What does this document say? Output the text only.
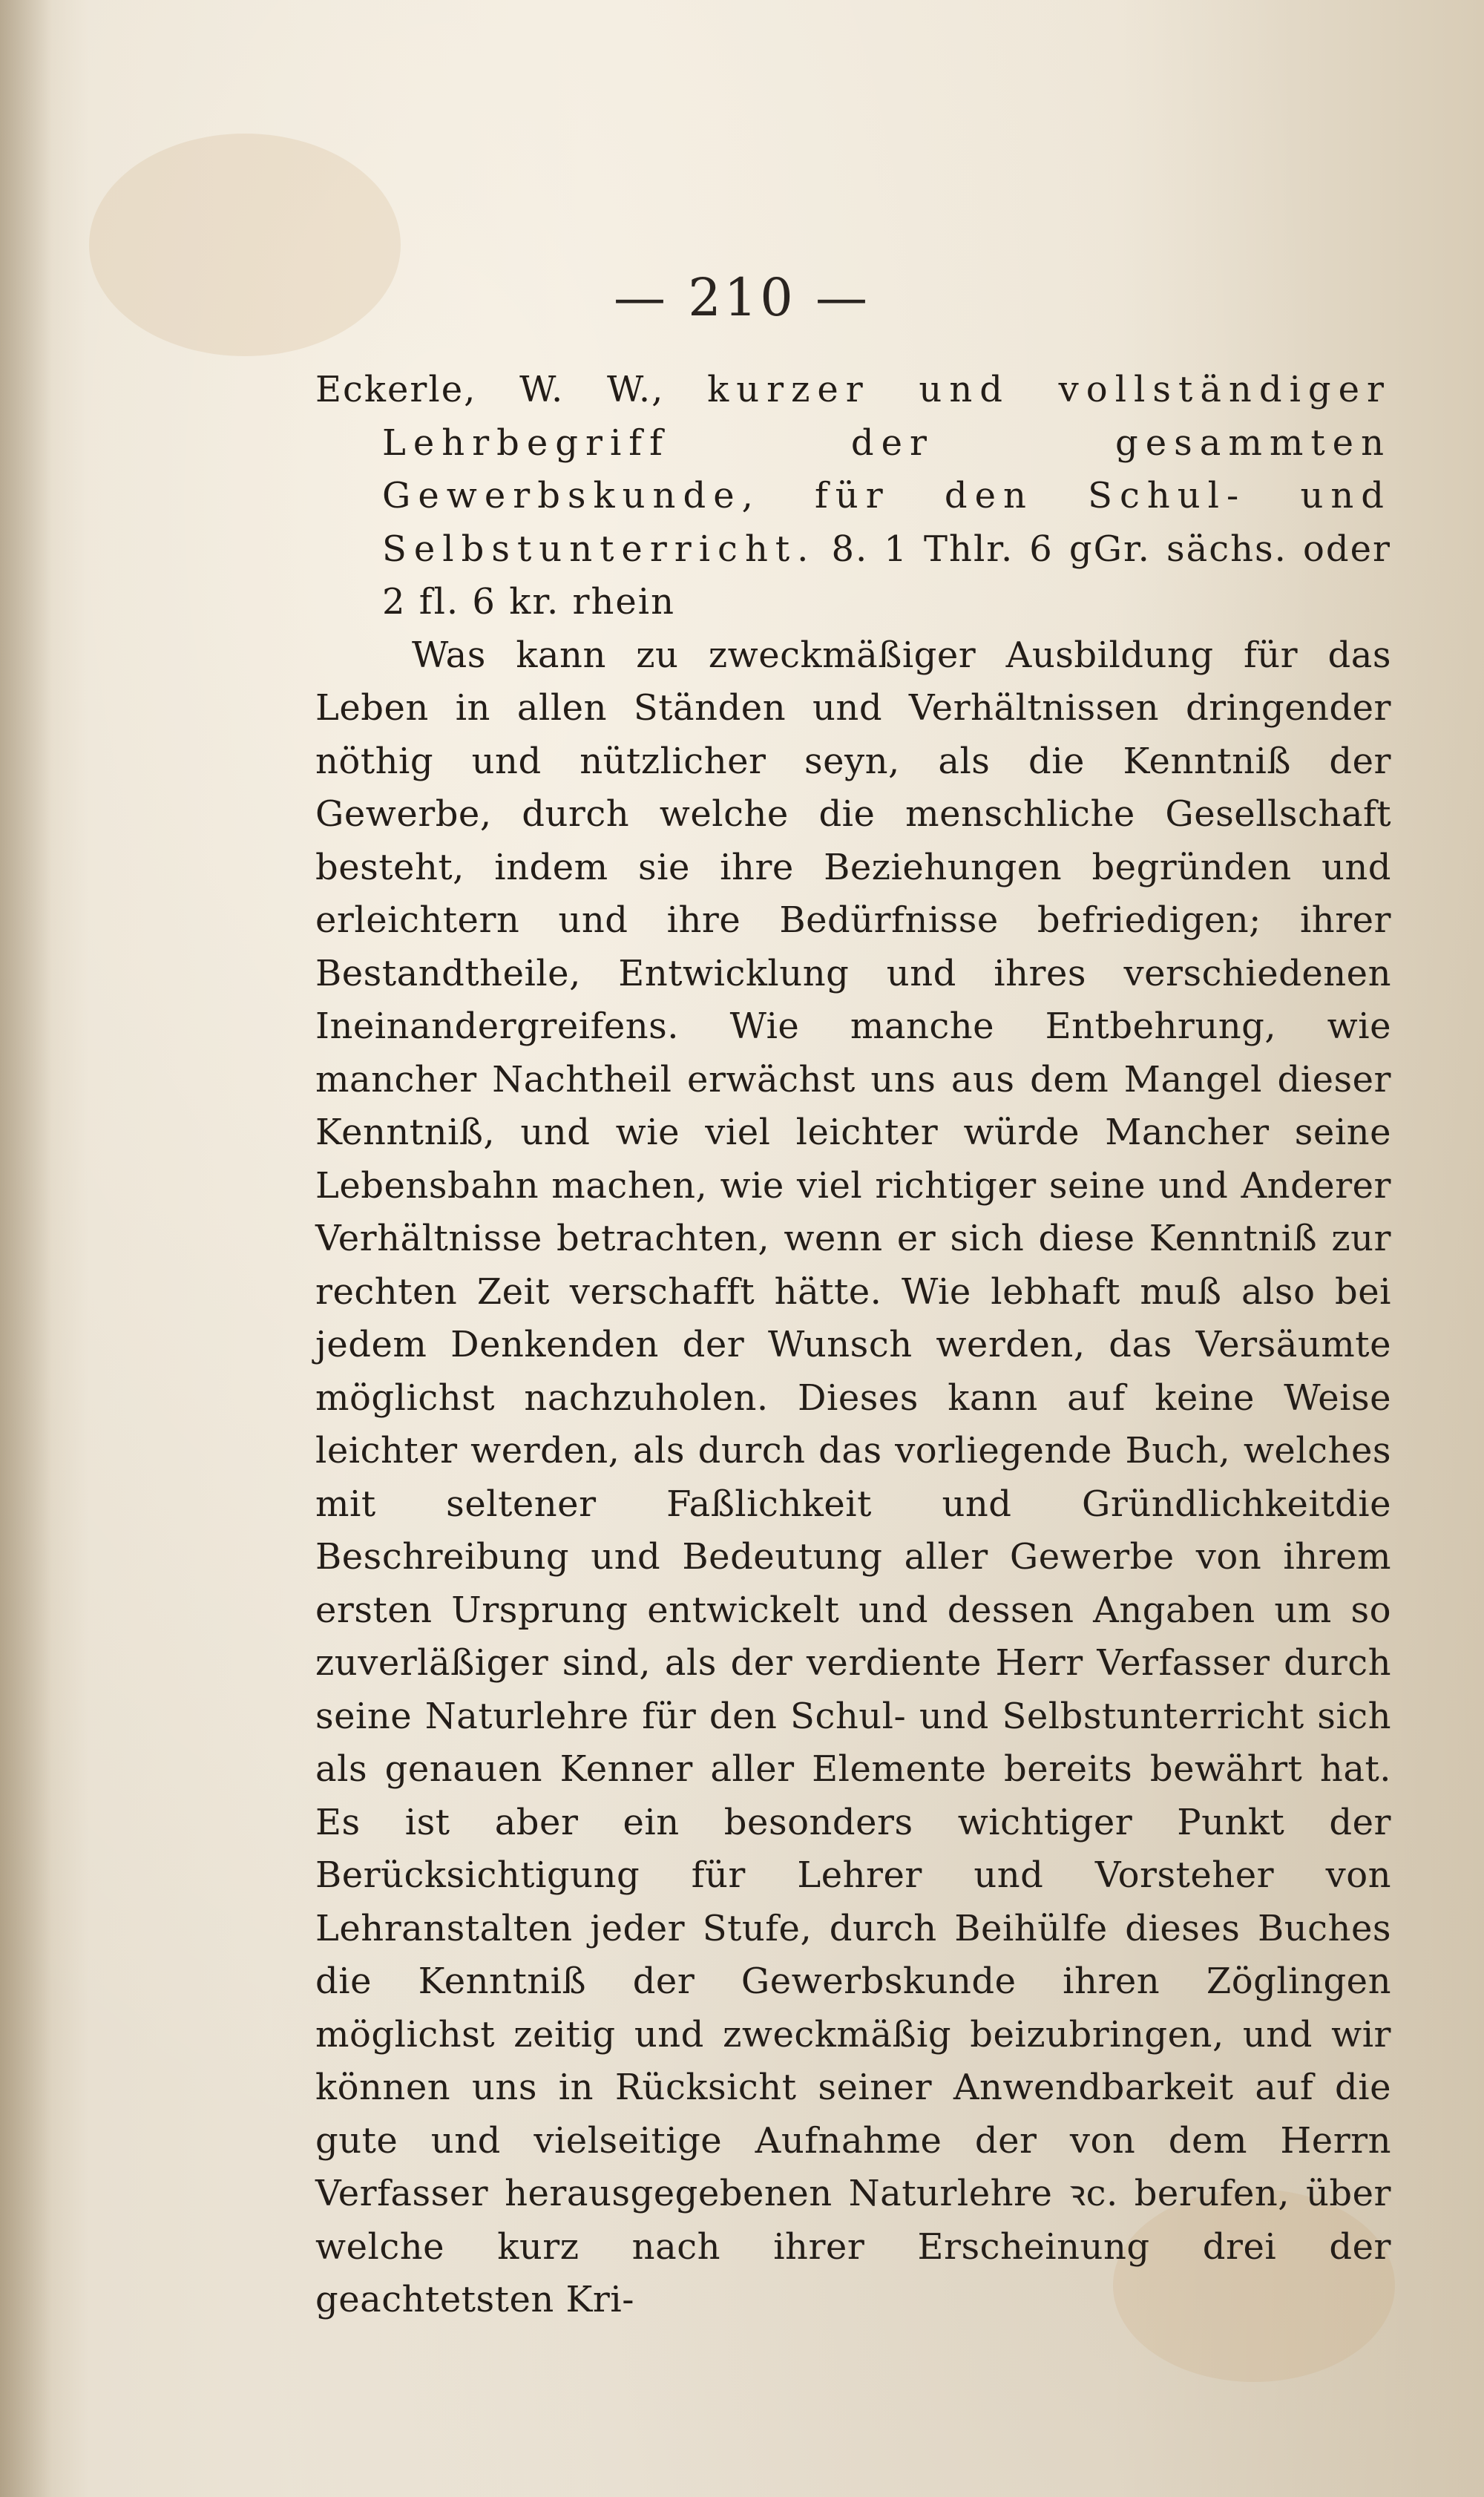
— 210 —

Eckerle, W. W., kurzer und vollständiger Lehrbegriff der gesammten Gewerbskunde, für den Schul- und Selbstunterricht. 8. 1 Thlr. 6 gGr. sächs. oder 2 fl. 6 kr. rhein

Was kann zu zweckmäßiger Ausbildung für das Leben in allen Ständen und Verhältnissen dringender nöthig und nützlicher seyn, als die Kenntniß der Gewerbe, durch welche die menschliche Gesellschaft besteht, indem sie ihre Beziehungen begründen und erleichtern und ihre Bedürfnisse befriedigen; ihrer Bestandtheile, Entwicklung und ihres verschiedenen Ineinandergreifens. Wie manche Entbehrung, wie mancher Nachtheil erwächst uns aus dem Mangel dieser Kenntniß, und wie viel leichter würde Mancher seine Lebensbahn machen, wie viel richtiger seine und Anderer Verhältnisse betrachten, wenn er sich diese Kenntniß zur rechten Zeit verschafft hätte. Wie lebhaft muß also bei jedem Denkenden der Wunsch werden, das Versäumte möglichst nachzuholen. Dieses kann auf keine Weise leichter werden, als durch das vorliegende Buch, welches mit seltener Faßlichkeit und Gründlichkeitdie Beschreibung und Bedeutung aller Gewerbe von ihrem ersten Ursprung entwickelt und dessen Angaben um so zuverläßiger sind, als der verdiente Herr Verfasser durch seine Naturlehre für den Schul- und Selbstunterricht sich als genauen Kenner aller Elemente bereits bewährt hat. Es ist aber ein besonders wichtiger Punkt der Berücksichtigung für Lehrer und Vorsteher von Lehranstalten jeder Stufe, durch Beihülfe dieses Buches die Kenntniß der Gewerbskunde ihren Zöglingen möglichst zeitig und zweckmäßig beizubringen, und wir können uns in Rücksicht seiner Anwendbarkeit auf die gute und vielseitige Aufnahme der von dem Herrn Verfasser herausgegebenen Naturlehre ꝛc. berufen, über welche kurz nach ihrer Erscheinung drei der geachtetsten Kri-
